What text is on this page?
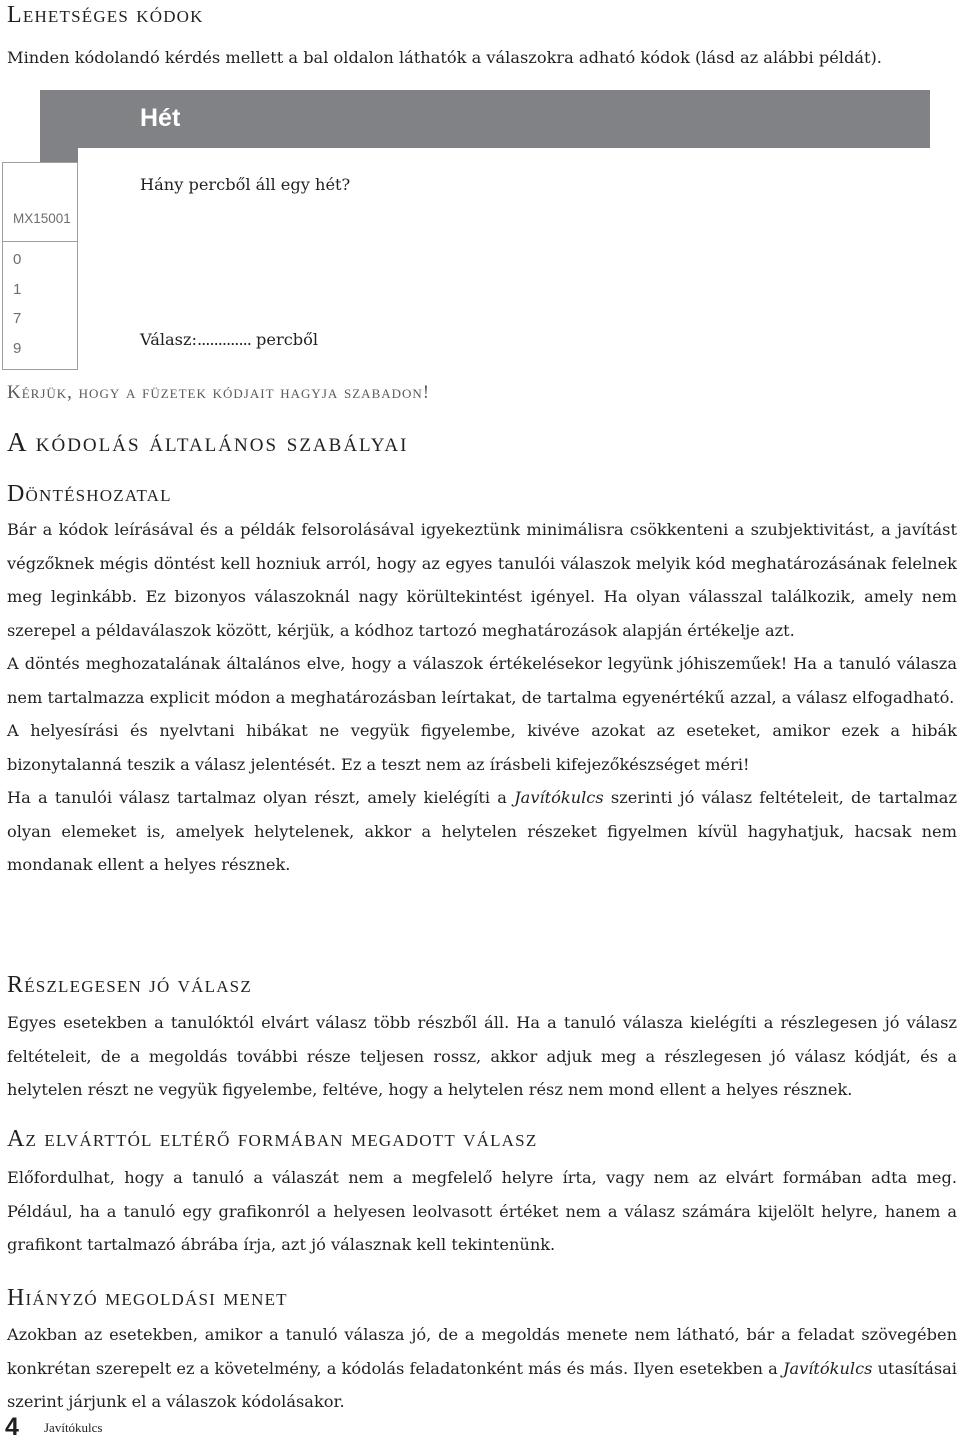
Lehetséges kódok

Minden kódolandó kérdés mellett a bal oldalon láthatók a válaszokra adható kódok (lásd az alábbi példát).

Hét
MX15001
0
1
7
9
Hány percből áll egy hét?
Válasz:............. percből
Kérjük, hogy a füzetek kódjait hagyja szabadon!
A kódolás általános szabályai
Döntéshozatal

Bár a kódok leírásával és a példák felsorolásával igyekeztünk minimálisra csökkenteni a szubjektivitást, a javítást végzőknek mégis döntést kell hozniuk arról, hogy az egyes tanulói válaszok melyik kód meghatározásának felelnek meg leginkább. Ez bizonyos válaszoknál nagy körültekintést igényel. Ha olyan válasszal találkozik, amely nem szerepel a példaválaszok között, kérjük, a kódhoz tartozó meghatározások alapján értékelje azt.

A döntés meghozatalának általános elve, hogy a válaszok értékelésekor legyünk jóhiszeműek! Ha a tanuló válasza nem tartalmazza explicit módon a meghatározásban leírtakat, de tartalma egyenértékű azzal, a válasz elfogadható.

A helyesírási és nyelvtani hibákat ne vegyük figyelembe, kivéve azokat az eseteket, amikor ezek a hibák bizonytalanná teszik a válasz jelentését. Ez a teszt nem az írásbeli kifejezőkészséget méri!

Ha a tanulói válasz tartalmaz olyan részt, amely kielégíti a Javítókulcs szerinti jó válasz feltételeit, de tartalmaz olyan elemeket is, amelyek helytelenek, akkor a helytelen részeket figyelmen kívül hagyhatjuk, hacsak nem mondanak ellent a helyes résznek.

Részlegesen jó válasz

Egyes esetekben a tanulóktól elvárt válasz több részből áll. Ha a tanuló válasza kielégíti a részlegesen jó válasz feltételeit, de a megoldás további része teljesen rossz, akkor adjuk meg a részlegesen jó válasz kódját, és a helytelen részt ne vegyük figyelembe, feltéve, hogy a helytelen rész nem mond ellent a helyes résznek.

Az elvárttól eltérő formában megadott válasz

Előfordulhat, hogy a tanuló a válaszát nem a megfelelő helyre írta, vagy nem az elvárt formában adta meg. Például, ha a tanuló egy grafikonról a helyesen leolvasott értéket nem a válasz számára kijelölt helyre, hanem a grafikont tartalmazó ábrába írja, azt jó válasznak kell tekintenünk.

Hiányzó megoldási menet

Azokban az esetekben, amikor a tanuló válasza jó, de a megoldás menete nem látható, bár a feladat szövegében konkrétan szerepelt ez a követelmény, a kódolás feladatonként más és más. Ilyen esetekben a Javítókulcs utasításai szerint járjunk el a válaszok kódolásakor.

4 Javítókulcs
